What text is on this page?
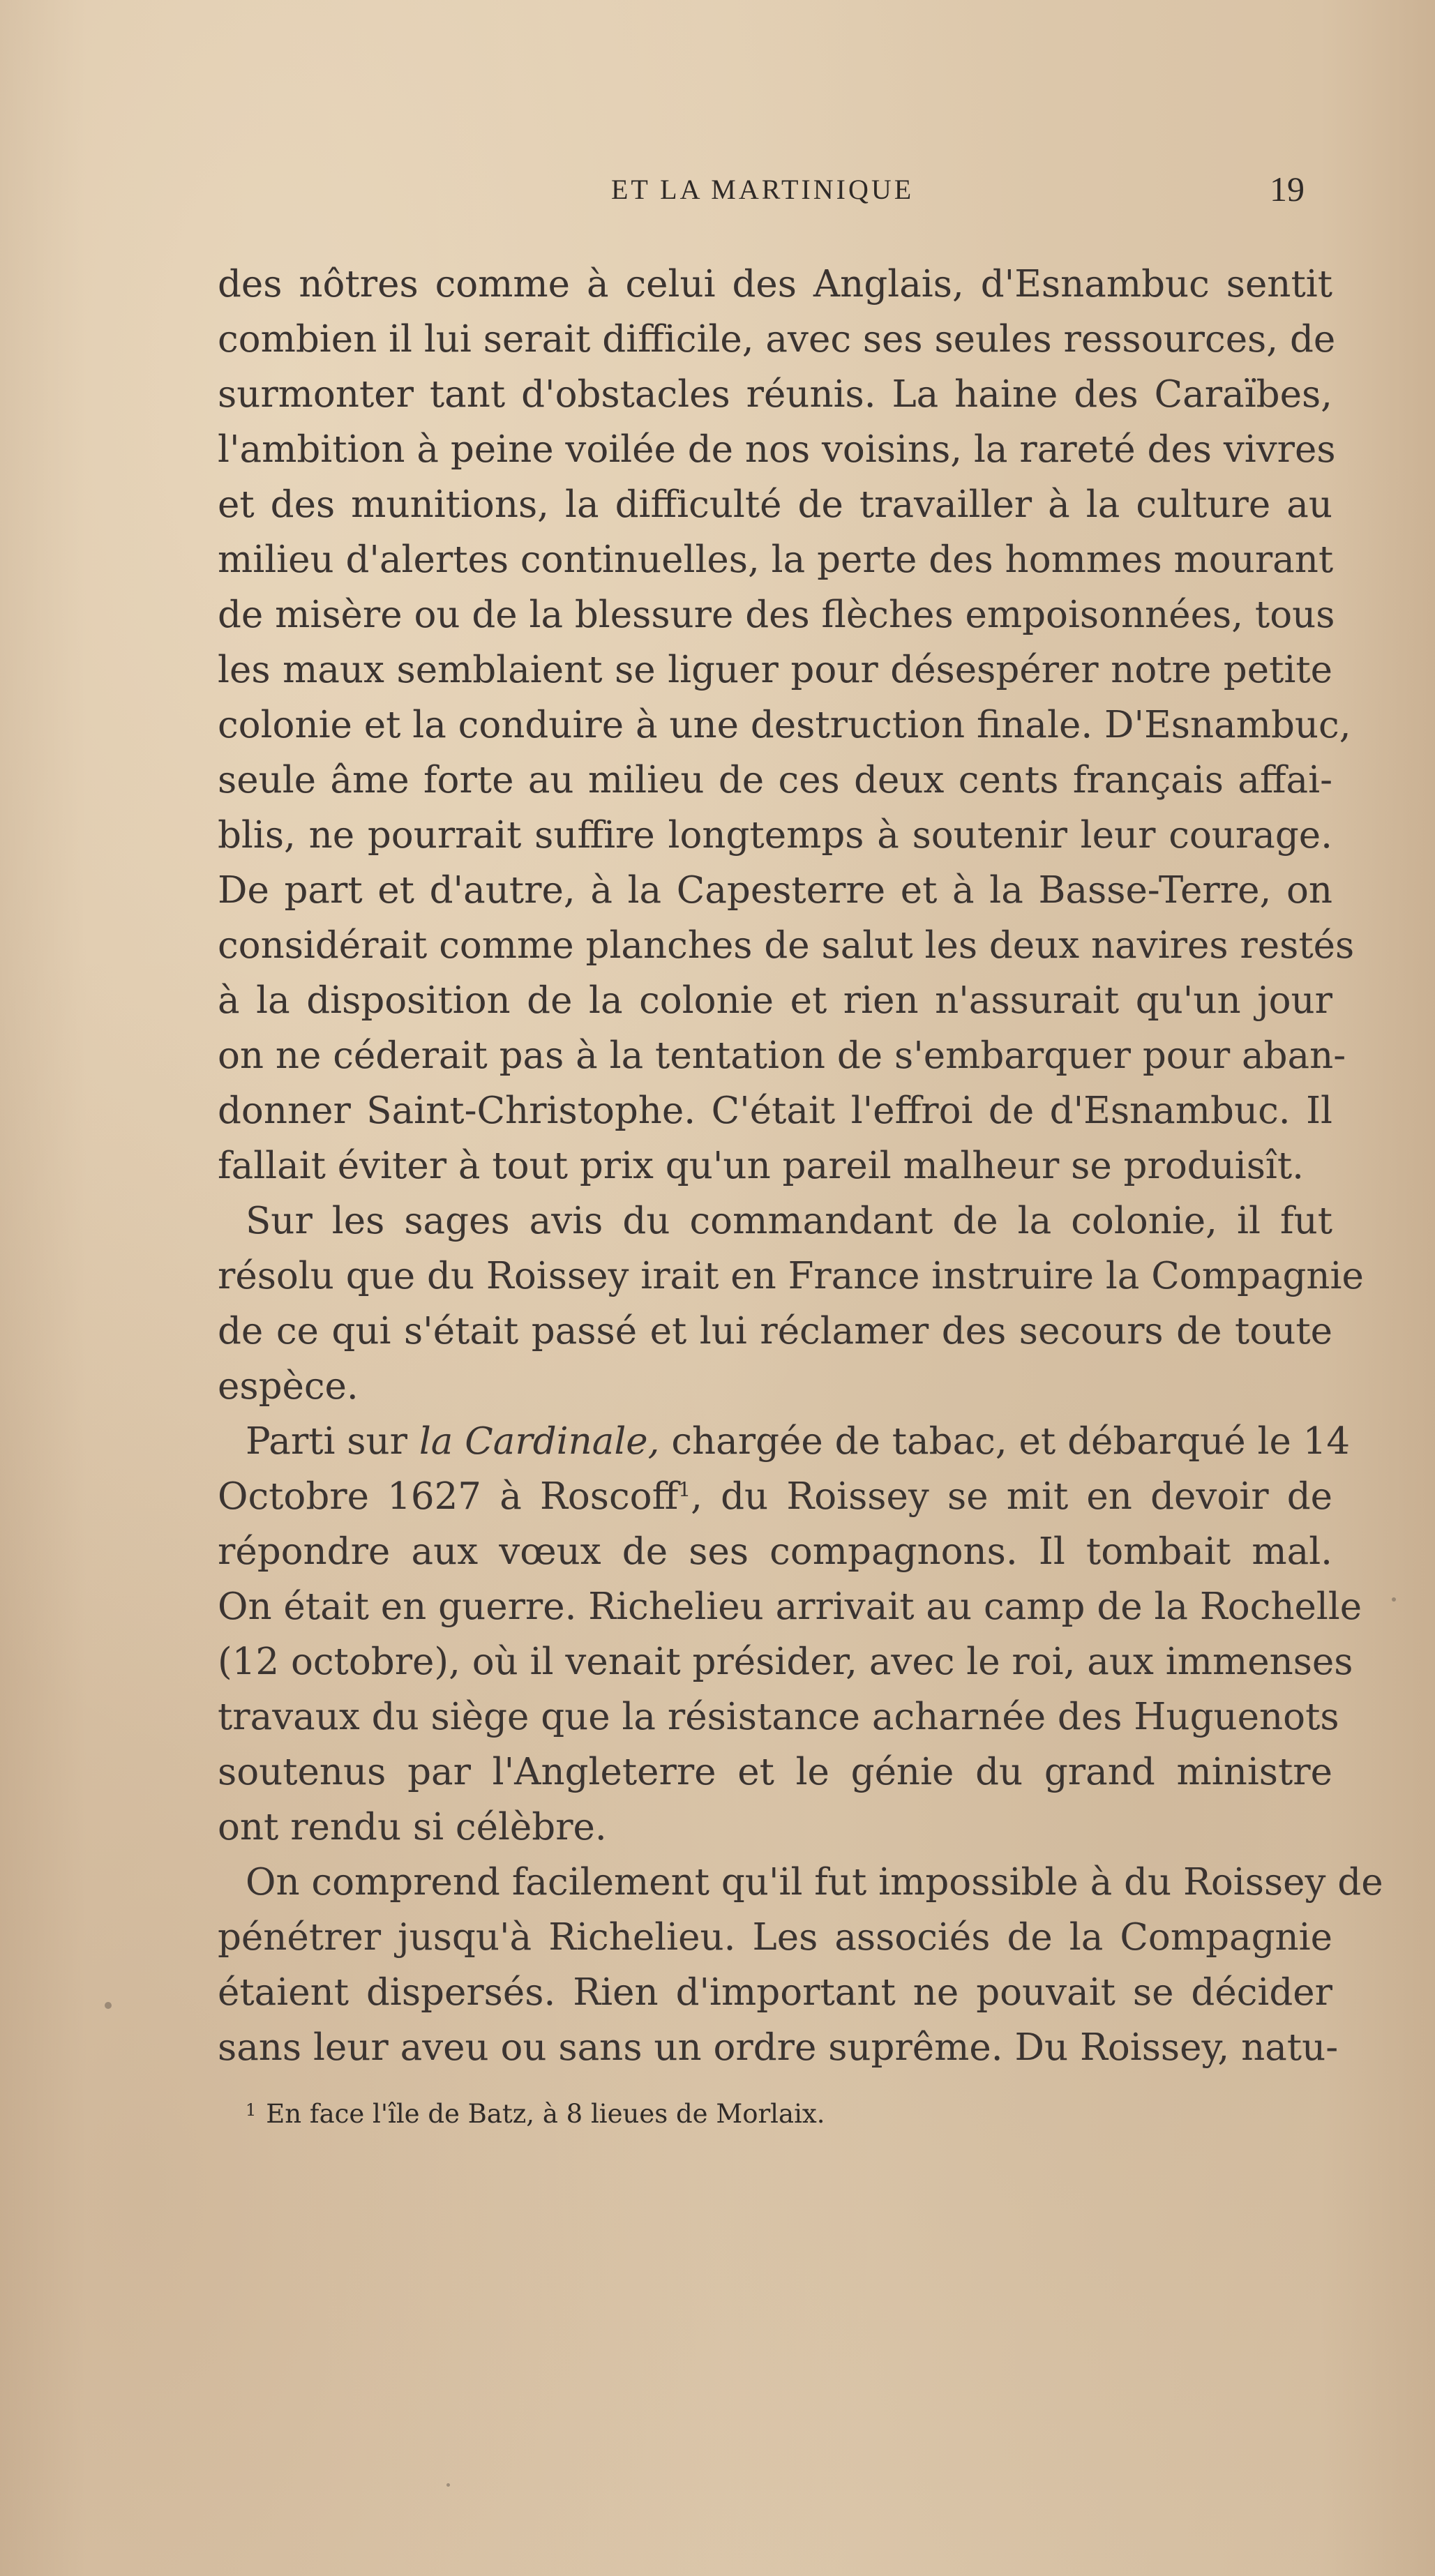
ET LA MARTINIQUE	19
des nôtres comme à celui des Anglais, d'Esnambuc sentit
combien il lui serait difficile, avec ses seules ressources, de
surmonter tant d'obstacles réunis. La haine des Caraïbes,
l'ambition à peine voilée de nos voisins, la rareté des vivres
et des munitions, la difficulté de travailler à la culture au
milieu d'alertes continuelles, la perte des hommes mourant
de misère ou de la blessure des flèches empoisonnées, tous
les maux semblaient se liguer pour désespérer notre petite
colonie et la conduire à une destruction finale. D'Esnambuc,
seule âme forte au milieu de ces deux cents français affai-
blis, ne pourrait suffire longtemps à soutenir leur courage.
De part et d'autre, à la Capesterre et à la Basse-Terre, on
considérait comme planches de salut les deux navires restés
à la disposition de la colonie et rien n'assurait qu'un jour
on ne céderait pas à la tentation de s'embarquer pour aban-
donner Saint-Christophe. C'était l'effroi de d'Esnambuc. Il
fallait éviter à tout prix qu'un pareil malheur se produisît.
Sur les sages avis du commandant de la colonie, il fut
résolu que du Roissey irait en France instruire la Compagnie
de ce qui s'était passé et lui réclamer des secours de toute
espèce.
Parti sur la Cardinale, chargée de tabac, et débarqué le 14
Octobre 1627 à Roscoff$^1$, du Roissey se mit en devoir de
répondre aux vœux de ses compagnons. Il tombait mal.
On était en guerre. Richelieu arrivait au camp de la Rochelle
(12 octobre), où il venait présider, avec le roi, aux immenses
travaux du siège que la résistance acharnée des Huguenots
soutenus par l'Angleterre et le génie du grand ministre
ont rendu si célèbre.
On comprend facilement qu'il fut impossible à du Roissey de
pénétrer jusqu'à Richelieu. Les associés de la Compagnie
étaient dispersés. Rien d'important ne pouvait se décider
sans leur aveu ou sans un ordre suprême. Du Roissey, natu-
$^1$ En face l'île de Batz, à 8 lieues de Morlaix.
